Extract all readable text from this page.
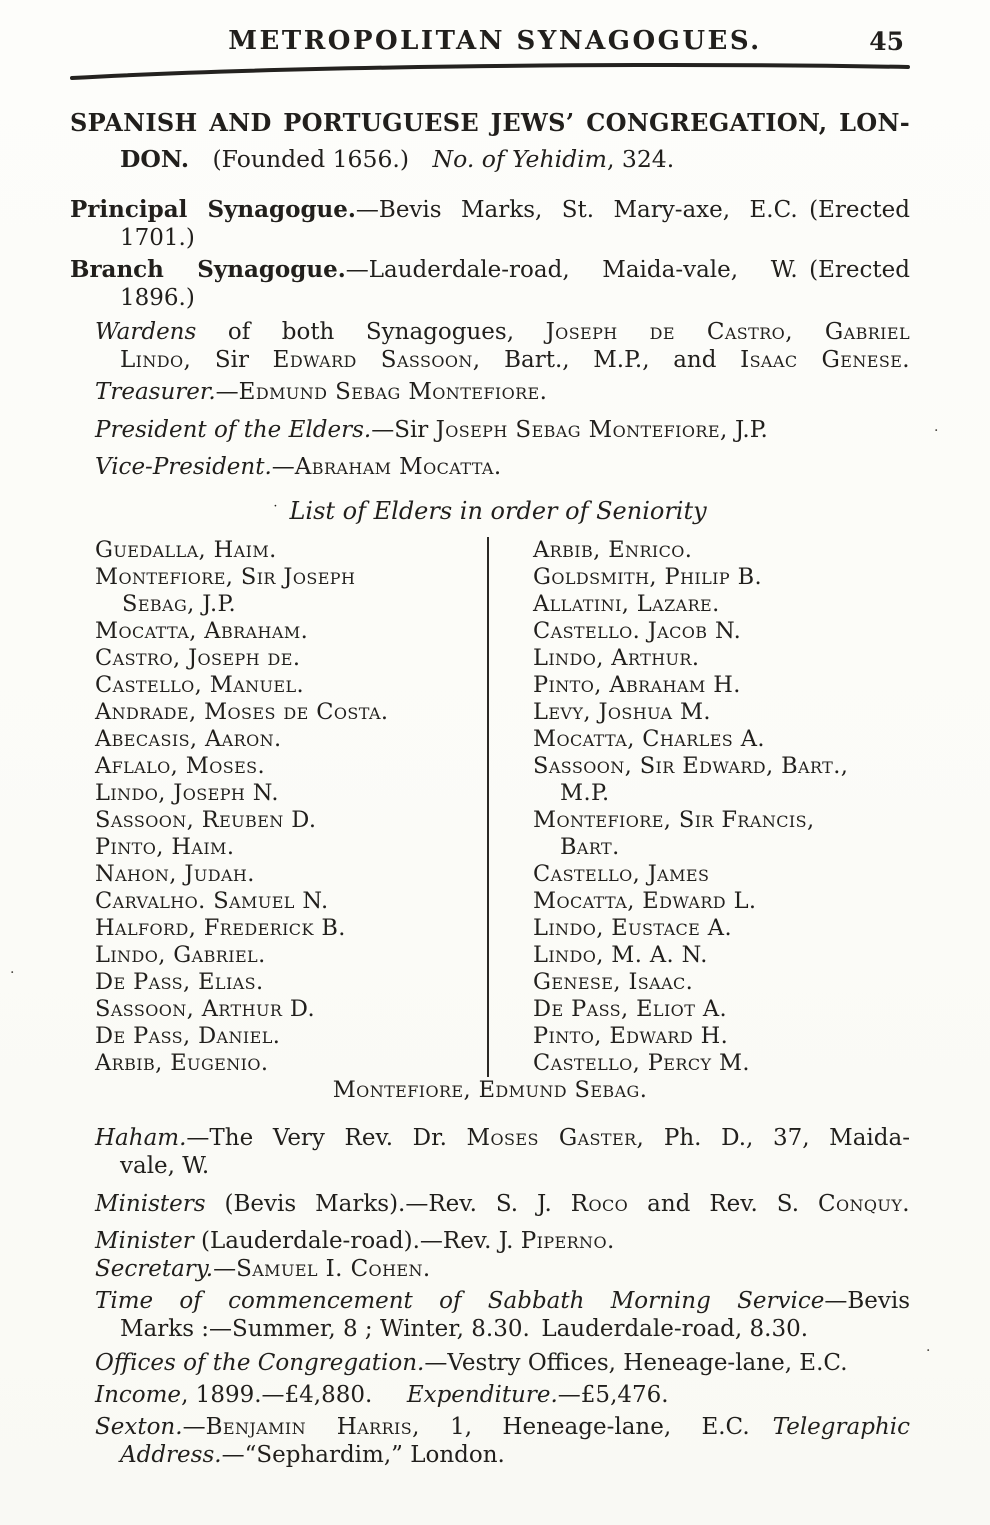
METROPOLITAN SYNAGOGUES.	45
SPANISH AND PORTUGUESE JEWS’ CONGREGATION, LON-
DON.  (Founded 1656.)  No. of Yehidim, 324.
Principal Synagogue.—Bevis Marks, St. Mary-axe, E.C. (Erected
1701.)
Branch Synagogue.—Lauderdale-road, Maida-vale, W. (Erected
1896.)
Wardens of both Synagogues, Joseph de Castro, Gabriel
Lindo, Sir Edward Sassoon, Bart., M.P., and Isaac Genese.
Treasurer.—Edmund Sebag Montefiore.
President of the Elders.—Sir Joseph Sebag Montefiore, J.P.
Vice-President.—Abraham Mocatta.
· List of Elders in order of Seniority
Guedalla, Haim.
Montefiore, Sir Joseph
Sebag, J.P.
Mocatta, Abraham.
Castro, Joseph de.
Castello, Manuel.
Andrade, Moses de Costa.
Abecasis, Aaron.
Aflalo, Moses.
Lindo, Joseph N.
Sassoon, Reuben D.
Pinto, Haim.
Nahon, Judah.
Carvalho. Samuel N.
Halford, Frederick B.
Lindo, Gabriel.
De Pass, Elias.
Sassoon, Arthur D.
De Pass, Daniel.
Arbib, Eugenio.
Arbib, Enrico.
Goldsmith, Philip B.
Allatini, Lazare.
Castello. Jacob N.
Lindo, Arthur.
Pinto, Abraham H.
Levy, Joshua M.
Mocatta, Charles A.
Sassoon, Sir Edward, Bart.,
M.P.
Montefiore, Sir Francis,
Bart.
Castello, James
Mocatta, Edward L.
Lindo, Eustace A.
Lindo, M. A. N.
Genese, Isaac.
De Pass, Eliot A.
Pinto, Edward H.
Castello, Percy M.
Montefiore, Edmund Sebag.
Haham.—The Very Rev. Dr. Moses Gaster, Ph. D., 37, Maida-
vale, W.
Ministers (Bevis Marks).—Rev. S. J. Roco and Rev. S. Conquy.
Minister (Lauderdale-road).—Rev. J. Piperno.
Secretary.—Samuel I. Cohen.
Time of commencement of Sabbath Morning Service—Bevis
Marks :—Summer, 8 ; Winter, 8.30. Lauderdale-road, 8.30.
Offices of the Congregation.—Vestry Offices, Heneage-lane, E.C.
Income, 1899.—£4,880.   Expenditure.—£5,476.
Sexton.—Benjamin Harris, 1, Heneage-lane, E.C.  Telegraphic
Address.—“Sephardim,” London.
.
·
·
